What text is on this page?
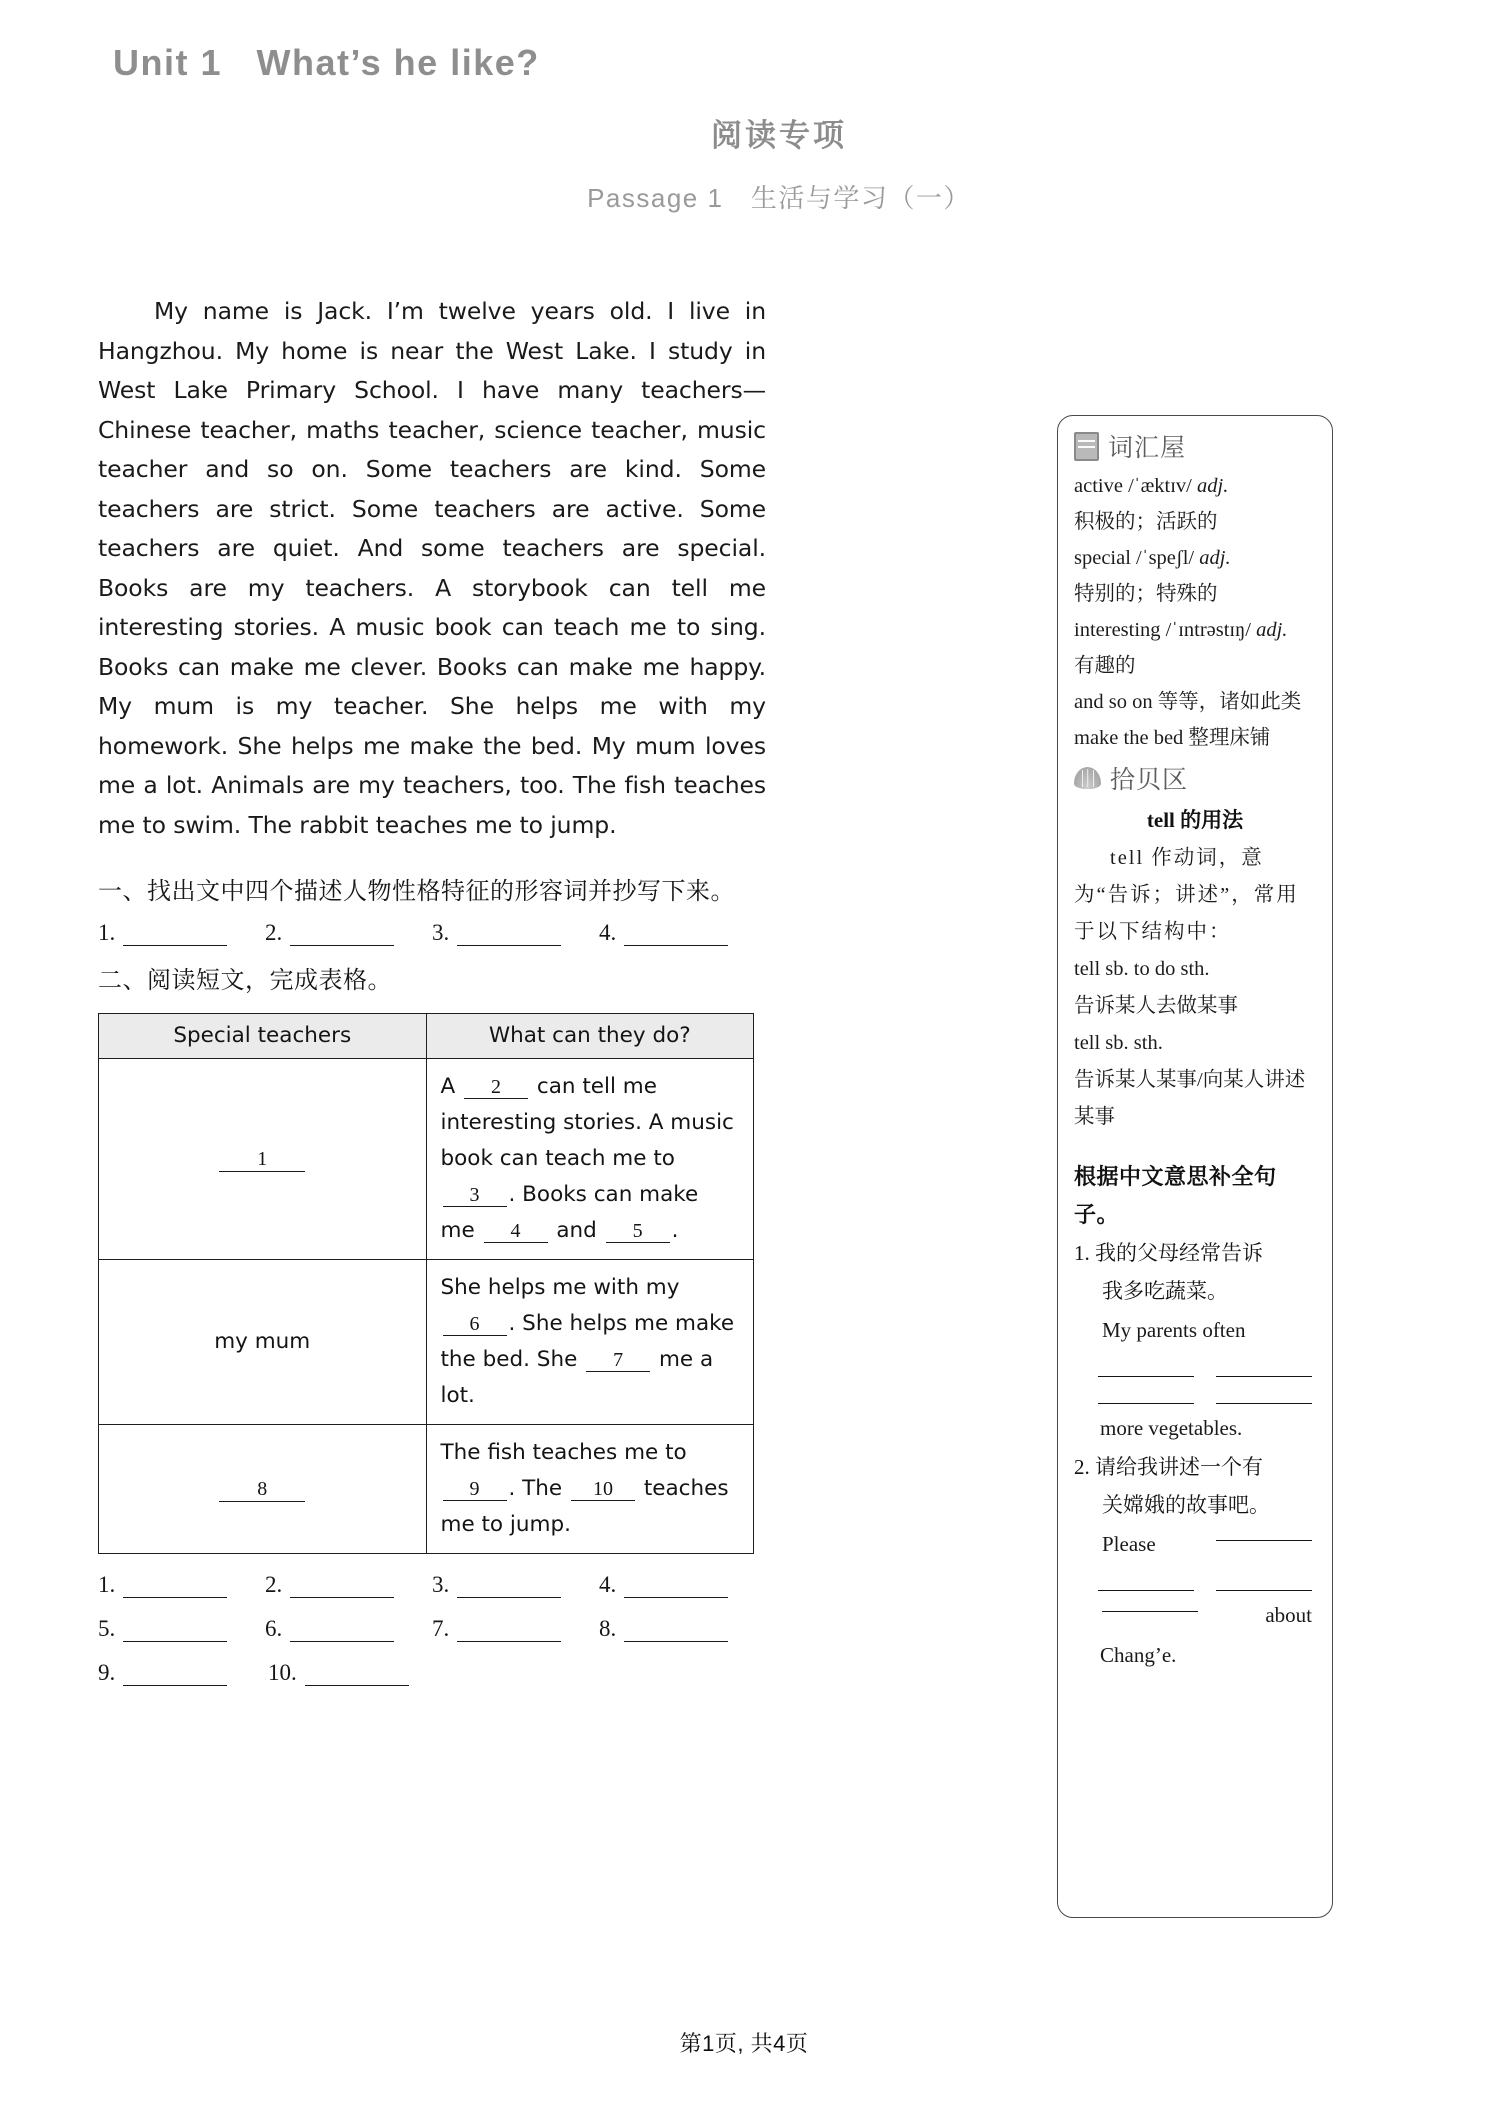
Unit 1   What’s he like?
阅读专项
Passage 1 生活与学习（一）
My name is Jack. I’m twelve years old. I live in Hangzhou. My home is near the West Lake. I study in West Lake Primary School. I have many teachers—Chinese teacher, maths teacher, science teacher, music teacher and so on. Some teachers are kind. Some teachers are strict. Some teachers are active. Some teachers are quiet. And some teachers are special. Books are my teachers. A storybook can tell me interesting stories. A music book can teach me to sing. Books can make me clever. Books can make me happy. My mum is my teacher. She helps me with my homework. She helps me make the bed. My mum loves me a lot. Animals are my teachers, too. The fish teaches me to swim. The rabbit teaches me to jump.
一、找出文中四个描述人物性格特征的形容词并抄写下来。
1.	2.	3.	4.
二、阅读短文，完成表格。
Special teachers	What can they do?
1	A 2 can tell me interesting stories. A music book can teach me to 3 . Books can make me 4 and 5 .
my mum	She helps me with my 6 . She helps me make the bed. She 7 me a lot.
8	The fish teaches me to 9 . The 10 teaches me to jump.
1.	2.	3.	4.
5.	6.	7.	8.
9.	10.
词汇屋
active /ˈæktɪv/ adj.
积极的；活跃的
special /ˈspeʃl/ adj.
特别的；特殊的
interesting /ˈɪntrəstɪŋ/ adj.
有趣的
and so on 等等，诸如此类
make the bed 整理床铺
拾贝区
tell 的用法
tell 作动词，意为“告诉；讲述”，常用于以下结构中：
tell sb. to do sth.
告诉某人去做某事
tell sb. sth.
告诉某人某事/向某人讲述某事
根据中文意思补全句子。
1. 我的父母经常告诉
我多吃蔬菜。
My parents often
more vegetables.
2. 请给我讲述一个有
关嫦娥的故事吧。
Please
about
Chang’e.
第1页, 共4页
